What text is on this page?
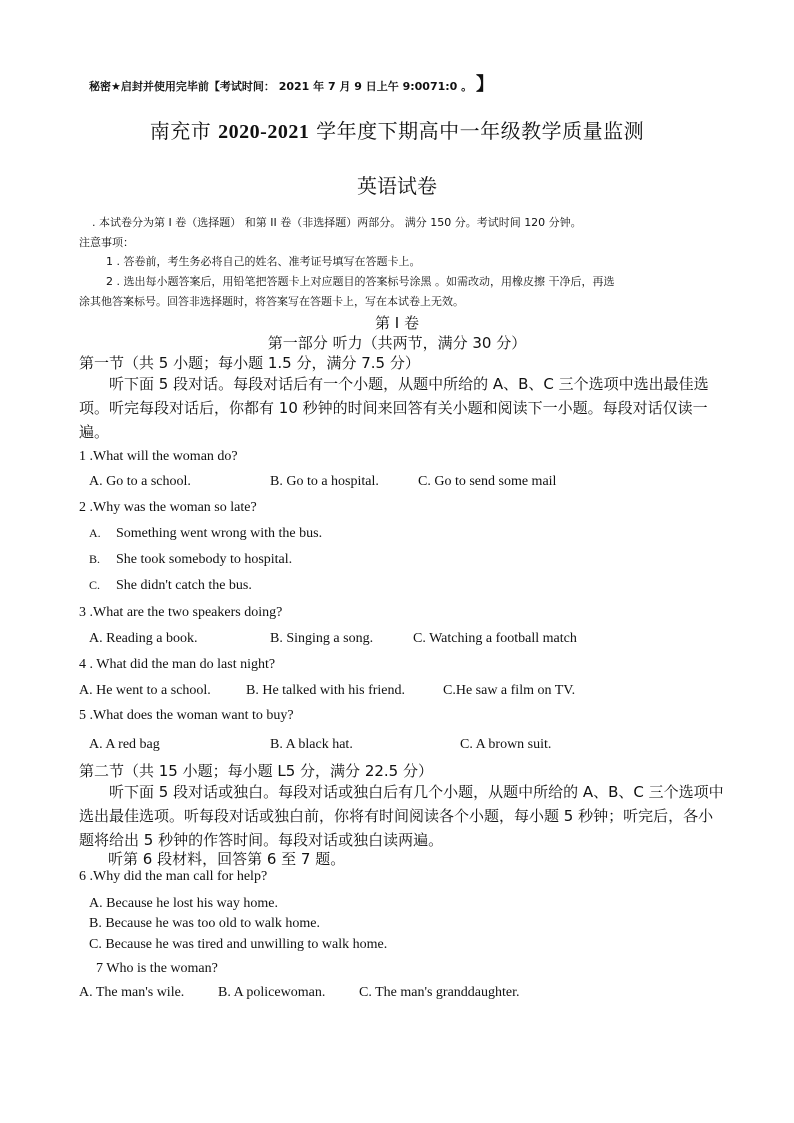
秘密★启封并使用完毕前【考试时间： 2021 年 7 月 9 日上午 9:0071:0 。 】
南充市 2020-2021 学年度下期高中一年级教学质量监测
英语试卷
. 本试卷分为第 I 卷（选择题） 和第 II 卷（非选择题）两部分。 满分 150 分。考试时间 120 分钟。
注意事项：
1 . 答卷前，考生务必将自己的姓名、准考证号填写在答题卡上。
2 . 选出每小题答案后，用铅笔把答题卡上对应题目的答案标号涂黑 。如需改动，用橡皮擦 干净后，再选
涂其他答案标号。回答非选择题时，将答案写在答题卡上，写在本试卷上无效。
第 I 卷
第一部分 听力（共两节，满分 30 分）
第一节（共 5 小题；每小题 1.5 分，满分 7.5 分）
听下面 5 段对话。每段对话后有一个小题，从题中所给的 A、B、C 三个选项中选出最佳选项。听完每段对话后，你都有 10 秒钟的时间来回答有关小题和阅读下一小题。每段对话仅读一遍。
1 .What will the woman do?
A. Go to a school.	B. Go to a hospital.	C. Go to send some mail
2 .Why was the woman so late?
A. Something went wrong with the bus.
B. She took somebody to hospital.
C. She didn't catch the bus.
3 .What are the two speakers doing?
A. Reading a book.	B. Singing a song.	C. Watching a football match
4 . What did the man do last night?
A. He went to a school.	B. He talked with his friend.	C.He saw a film on TV.
5 .What does the woman want to buy?
A. A red bag	B. A black hat.	C. A brown suit.
第二节（共 15 小题；每小题 L5 分，满分 22.5 分）
听下面 5 段对话或独白。每段对话或独白后有几个小题，从题中所给的 A、B、C 三个选项中选出最佳选项。听每段对话或独白前，你将有时间阅读各个小题，每小题 5 秒钟；听完后，各小题将给出 5 秒钟的作答时间。每段对话或独白读两遍。
听第 6 段材料，回答第 6 至 7 题。
6 .Why did the man call for help?
A. Because he lost his way home.
B. Because he was too old to walk home.
C. Because he was tired and unwilling to walk home.
7 Who is the woman?
A. The man's wile. B. A policewoman. C. The man's granddaughter.
